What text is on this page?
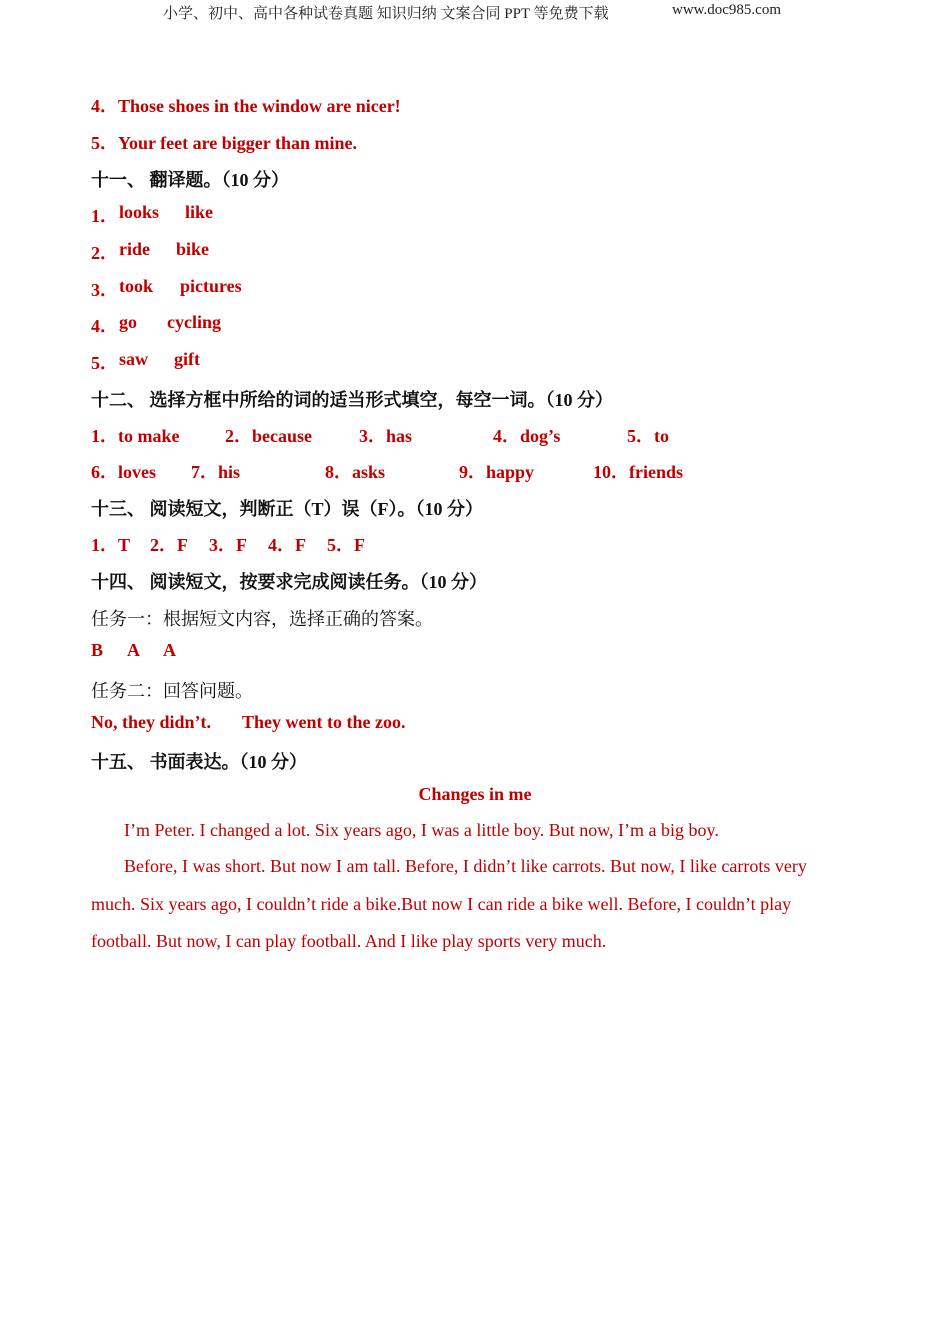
小学、初中、高中各种试卷真题 知识归纳 文案合同 PPT 等免费下载	www.doc985.com
4．Those shoes in the window are nicer!
5．Your feet are bigger than mine.
十一、 翻译题。（10 分）
1． looks like
2． ride bike
3． took pictures
4． go cycling
5． saw gift
十二、 选择方框中所给的词的适当形式填空，每空一词。（10 分）
1．to make	2．because	3．has	4．dog’s	5．to
6．loves 7．his	8．asks	9．happy	10．friends
十三、 阅读短文，判断正（T）误（F）。（10 分）
1．T 2．F 3．F 4．F 5．F
十四、 阅读短文，按要求完成阅读任务。（10 分）
任务一：根据短文内容，选择正确的答案。
B A A
任务二：回答问题。
No, they didn’t. They went to the zoo.
十五、 书面表达。（10 分）
Changes in me
I’m Peter. I changed a lot. Six years ago, I was a little boy. But now, I’m a big boy.
Before, I was short. But now I am tall. Before, I didn’t like carrots. But now, I like carrots very
much. Six years ago, I couldn’t ride a bike.But now I can ride a bike well. Before, I couldn’t play
football. But now, I can play football. And I like play sports very much.
